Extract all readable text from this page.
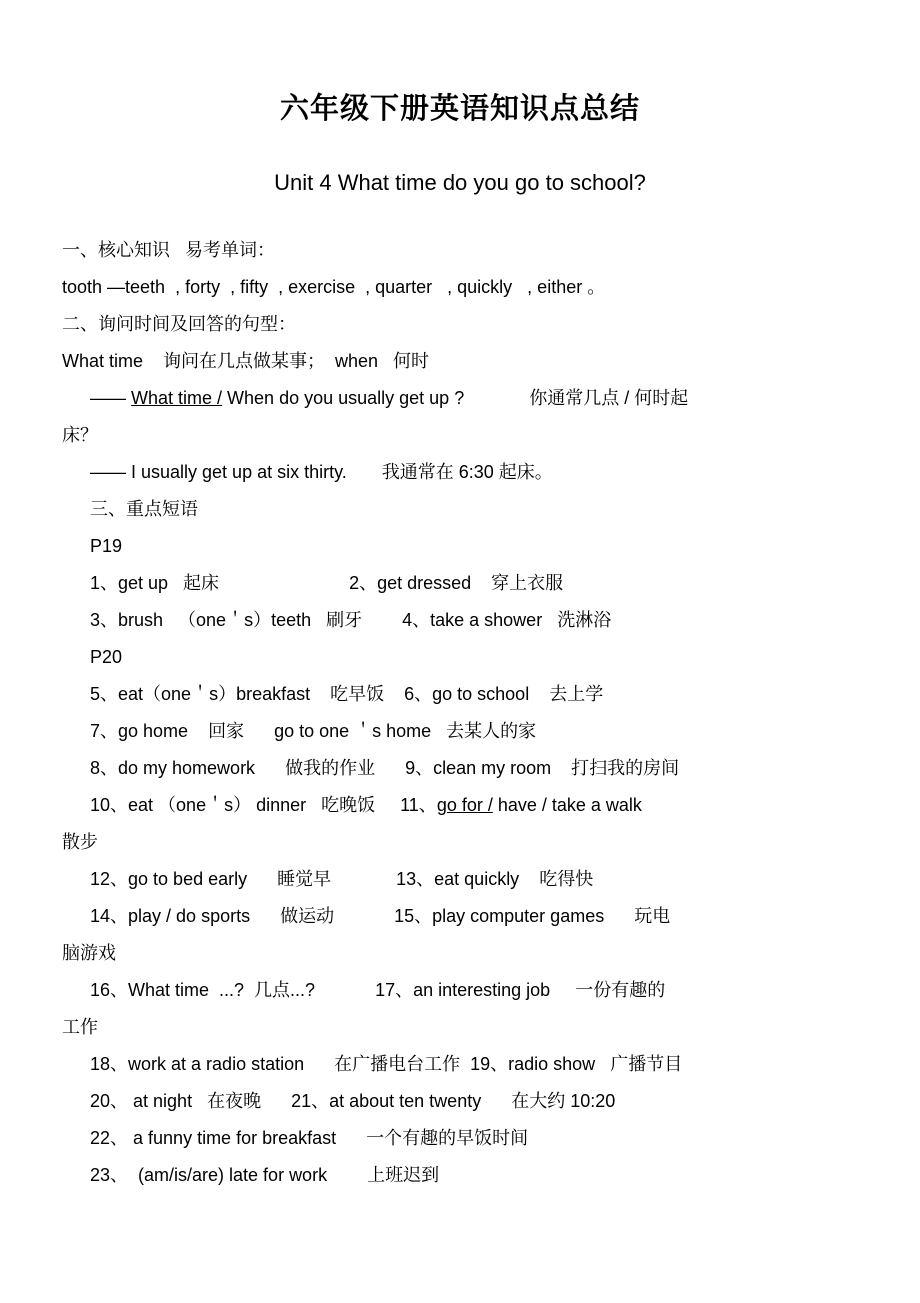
六年级下册英语知识点总结
Unit 4 What time do you go to school?
一、核心知识   易考单词：
tooth —teeth  , forty  , fifty  , exercise  , quarter   , quickly   , either 。
二、询问时间及回答的句型：
What time    询问在几点做某事；  when   何时
—— What time / When do you usually get up ?             你通常几点 / 何时起
床？
—— I usually get up at six thirty.       我通常在 6:30 起床。
三、重点短语
P19
1、get up   起床                          2、get dressed    穿上衣服
3、brush   （one＇s）teeth   刷牙        4、take a shower   洗淋浴
P20
5、eat（one＇s）breakfast    吃早饭    6、go to school    去上学
7、go home    回家      go to one ＇s home   去某人的家
8、do my homework      做我的作业      9、clean my room    打扫我的房间
10、eat （one＇s） dinner   吃晚饭     11、go for / have / take a walk
散步
12、go to bed early      睡觉早             13、eat quickly    吃得快
14、play / do sports      做运动            15、play computer games      玩电
脑游戏
16、What time  ...?  几点...?            17、an interesting job     一份有趣的
工作
18、work at a radio station      在广播电台工作  19、radio show   广播节目
20、 at night   在夜晚      21、at about ten twenty      在大约 10:20
22、 a funny time for breakfast      一个有趣的早饭时间
23、  (am/is/are) late for work        上班迟到
